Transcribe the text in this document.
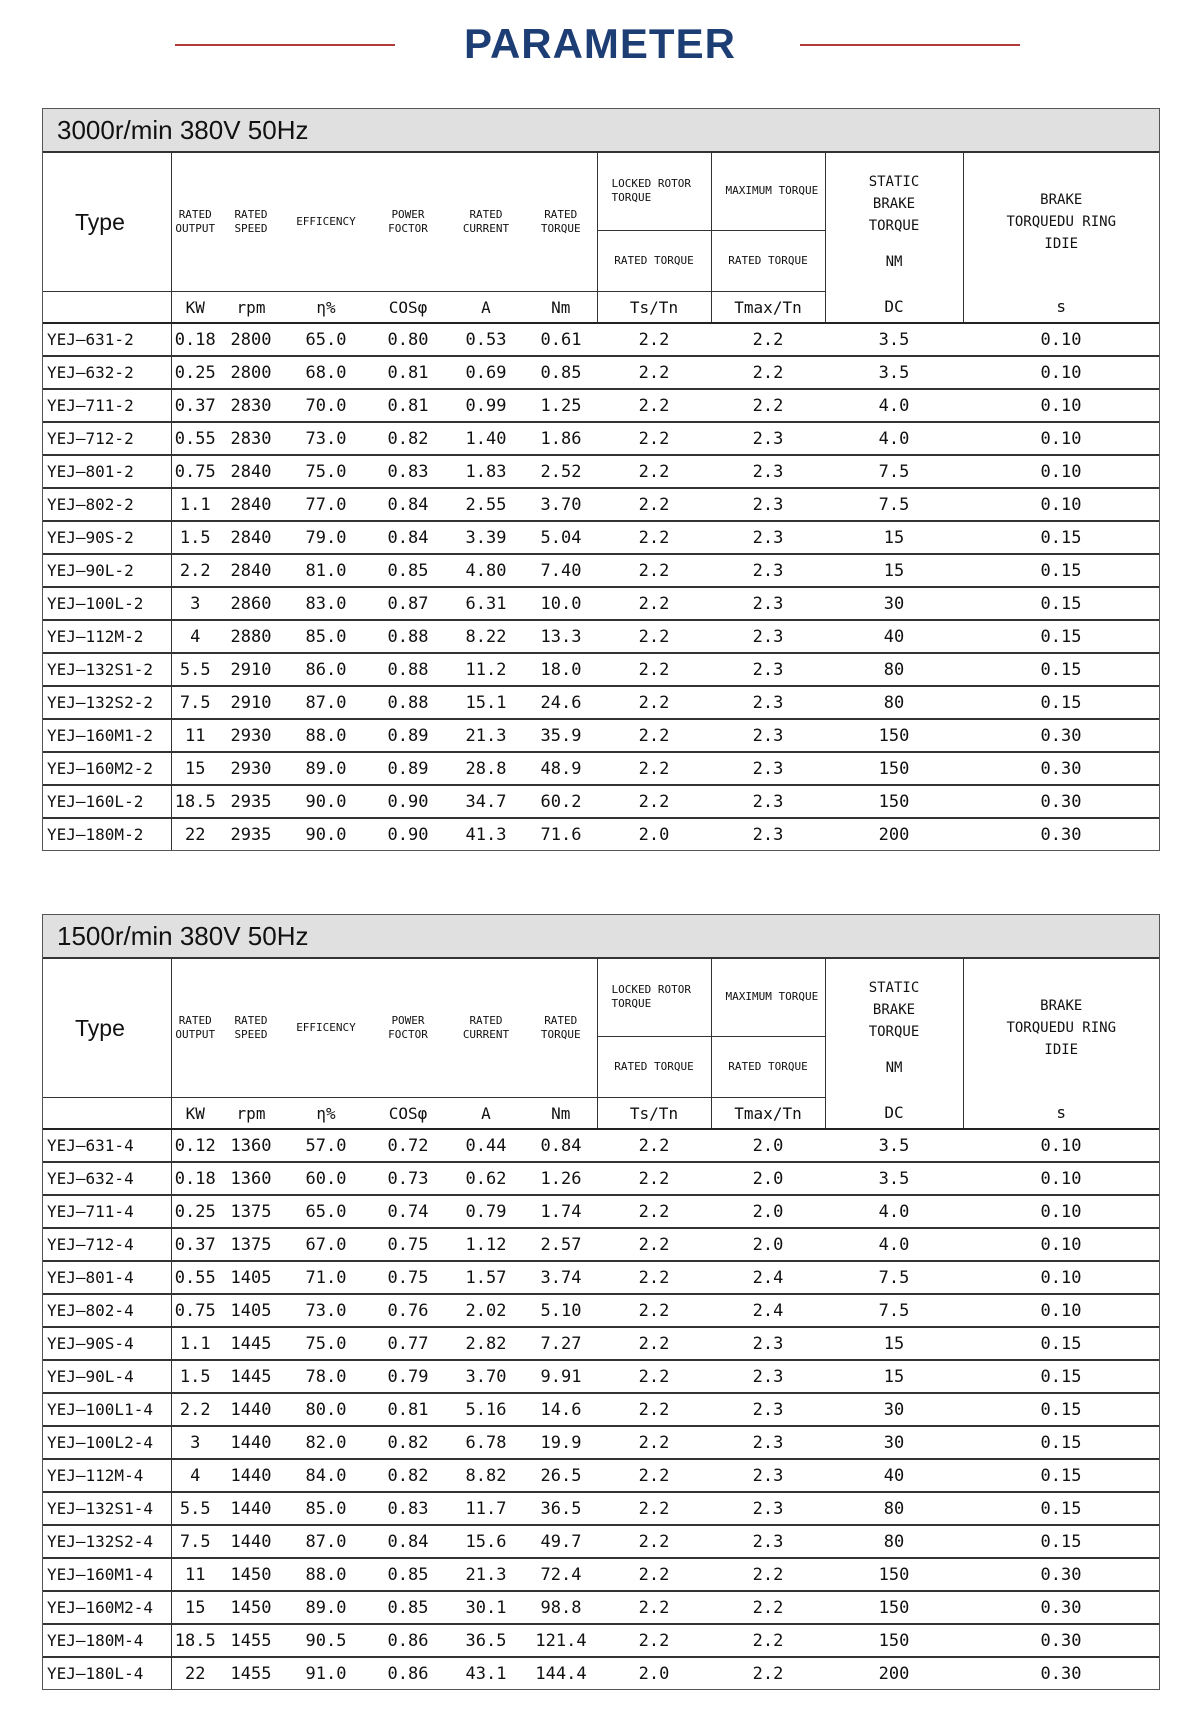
PARAMETER
3000r/min 380V 50Hz
Type	RATED OUTPUT	RATED SPEED	EFFICENCY	POWER FOCTOR	RATED CURRENT	RATED TORQUE	LOCKED ROTOR TORQUE	MAXIMUM TORQUE	STATIC BRAKE TORQUE
NM	BRAKE TORQUEDU RING IDIE
							RATED TORQUE	RATED TORQUE		
	KW	rpm	η%	COSφ	A	Nm	Ts/Tn	Tmax/Tn	DC	s
YEJ—631-2	0.18	2800	65.0	0.80	0.53	0.61	2.2	2.2	3.5	0.10
YEJ—632-2	0.25	2800	68.0	0.81	0.69	0.85	2.2	2.2	3.5	0.10
YEJ—711-2	0.37	2830	70.0	0.81	0.99	1.25	2.2	2.2	4.0	0.10
YEJ—712-2	0.55	2830	73.0	0.82	1.40	1.86	2.2	2.3	4.0	0.10
YEJ—801-2	0.75	2840	75.0	0.83	1.83	2.52	2.2	2.3	7.5	0.10
YEJ—802-2	1.1	2840	77.0	0.84	2.55	3.70	2.2	2.3	7.5	0.10
YEJ—90S-2	1.5	2840	79.0	0.84	3.39	5.04	2.2	2.3	15	0.15
YEJ—90L-2	2.2	2840	81.0	0.85	4.80	7.40	2.2	2.3	15	0.15
YEJ—100L-2	3	2860	83.0	0.87	6.31	10.0	2.2	2.3	30	0.15
YEJ—112M-2	4	2880	85.0	0.88	8.22	13.3	2.2	2.3	40	0.15
YEJ—132S1-2	5.5	2910	86.0	0.88	11.2	18.0	2.2	2.3	80	0.15
YEJ—132S2-2	7.5	2910	87.0	0.88	15.1	24.6	2.2	2.3	80	0.15
YEJ—160M1-2	11	2930	88.0	0.89	21.3	35.9	2.2	2.3	150	0.30
YEJ—160M2-2	15	2930	89.0	0.89	28.8	48.9	2.2	2.3	150	0.30
YEJ—160L-2	18.5	2935	90.0	0.90	34.7	60.2	2.2	2.3	150	0.30
YEJ—180M-2	22	2935	90.0	0.90	41.3	71.6	2.0	2.3	200	0.30
1500r/min 380V 50Hz
Type	RATED OUTPUT	RATED SPEED	EFFICENCY	POWER FOCTOR	RATED CURRENT	RATED TORQUE	LOCKED ROTOR TORQUE	MAXIMUM TORQUE	STATIC BRAKE TORQUE
NM	BRAKE TORQUEDU RING IDIE
							RATED TORQUE	RATED TORQUE		
	KW	rpm	η%	COSφ	A	Nm	Ts/Tn	Tmax/Tn	DC	s
YEJ—631-4	0.12	1360	57.0	0.72	0.44	0.84	2.2	2.0	3.5	0.10
YEJ—632-4	0.18	1360	60.0	0.73	0.62	1.26	2.2	2.0	3.5	0.10
YEJ—711-4	0.25	1375	65.0	0.74	0.79	1.74	2.2	2.0	4.0	0.10
YEJ—712-4	0.37	1375	67.0	0.75	1.12	2.57	2.2	2.0	4.0	0.10
YEJ—801-4	0.55	1405	71.0	0.75	1.57	3.74	2.2	2.4	7.5	0.10
YEJ—802-4	0.75	1405	73.0	0.76	2.02	5.10	2.2	2.4	7.5	0.10
YEJ—90S-4	1.1	1445	75.0	0.77	2.82	7.27	2.2	2.3	15	0.15
YEJ—90L-4	1.5	1445	78.0	0.79	3.70	9.91	2.2	2.3	15	0.15
YEJ—100L1-4	2.2	1440	80.0	0.81	5.16	14.6	2.2	2.3	30	0.15
YEJ—100L2-4	3	1440	82.0	0.82	6.78	19.9	2.2	2.3	30	0.15
YEJ—112M-4	4	1440	84.0	0.82	8.82	26.5	2.2	2.3	40	0.15
YEJ—132S1-4	5.5	1440	85.0	0.83	11.7	36.5	2.2	2.3	80	0.15
YEJ—132S2-4	7.5	1440	87.0	0.84	15.6	49.7	2.2	2.3	80	0.15
YEJ—160M1-4	11	1450	88.0	0.85	21.3	72.4	2.2	2.2	150	0.30
YEJ—160M2-4	15	1450	89.0	0.85	30.1	98.8	2.2	2.2	150	0.30
YEJ—180M-4	18.5	1455	90.5	0.86	36.5	121.4	2.2	2.2	150	0.30
YEJ—180L-4	22	1455	91.0	0.86	43.1	144.4	2.0	2.2	200	0.30
